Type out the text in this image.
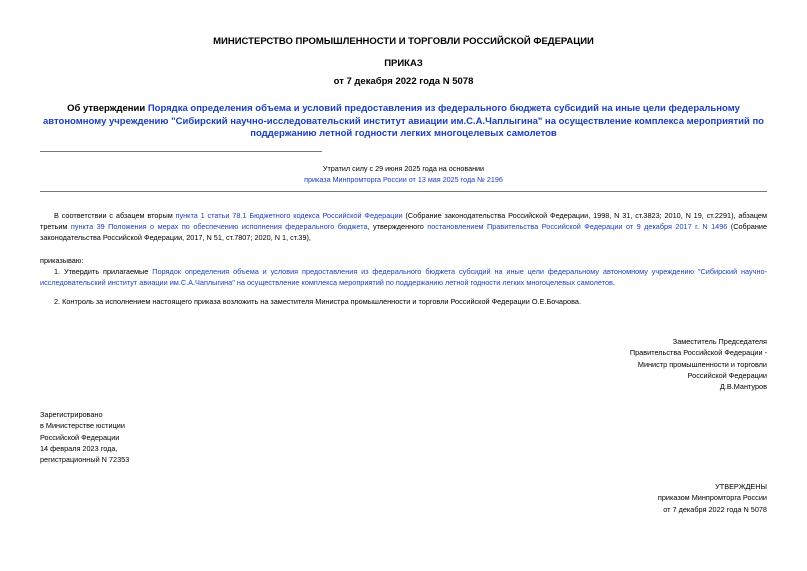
МИНИСТЕРСТВО ПРОМЫШЛЕННОСТИ И ТОРГОВЛИ РОССИЙСКОЙ ФЕДЕРАЦИИ
ПРИКАЗ
от 7 декабря 2022 года N 5078
Об утверждении Порядка определения объема и условий предоставления из федерального бюджета субсидий на иные цели федеральному автономному учреждению "Сибирский научно-исследовательский институт авиации им.С.А.Чаплыгина" на осуществление комплекса мероприятий по поддержанию летной годности легких многоцелевых самолетов
Утратил силу с 29 июня 2025 года на основании
приказа Минпромторга России от 13 мая 2025 года № 2196
В соответствии с абзацем вторым пункта 1 статьи 78.1 Бюджетного кодекса Российской Федерации (Собрание законодательства Российской Федерации, 1998, N 31, ст.3823; 2010, N 19, ст.2291), абзацем третьим пункта 39 Положения о мерах по обеспечению исполнения федерального бюджета, утвержденного постановлением Правительства Российской Федерации от 9 декабря 2017 г. N 1496 (Собрание законодательства Российской Федерации, 2017, N 51, ст.7807; 2020, N 1, ст.39),
приказываю:
1. Утвердить прилагаемые Порядок определения объема и условия предоставления из федерального бюджета субсидий на иные цели федеральному автономному учреждению "Сибирский научно-исследовательский институт авиации им.С.А.Чаплыгина" на осуществление комплекса мероприятий по поддержанию летной годности легких многоцелевых самолетов.
2. Контроль за исполнением настоящего приказа возложить на заместителя Министра промышленности и торговли Российской Федерации О.Е.Бочарова.
Заместитель Председателя
Правительства Российской Федерации -
Министр промышленности и торговли
Российской Федерации
Д.В.Мантуров
Зарегистрировано
в Министерстве юстиции
Российской Федерации
14 февраля 2023 года,
регистрационный N 72353
УТВЕРЖДЕНЫ
приказом Минпромторга России
от 7 декабря 2022 года N 5078
